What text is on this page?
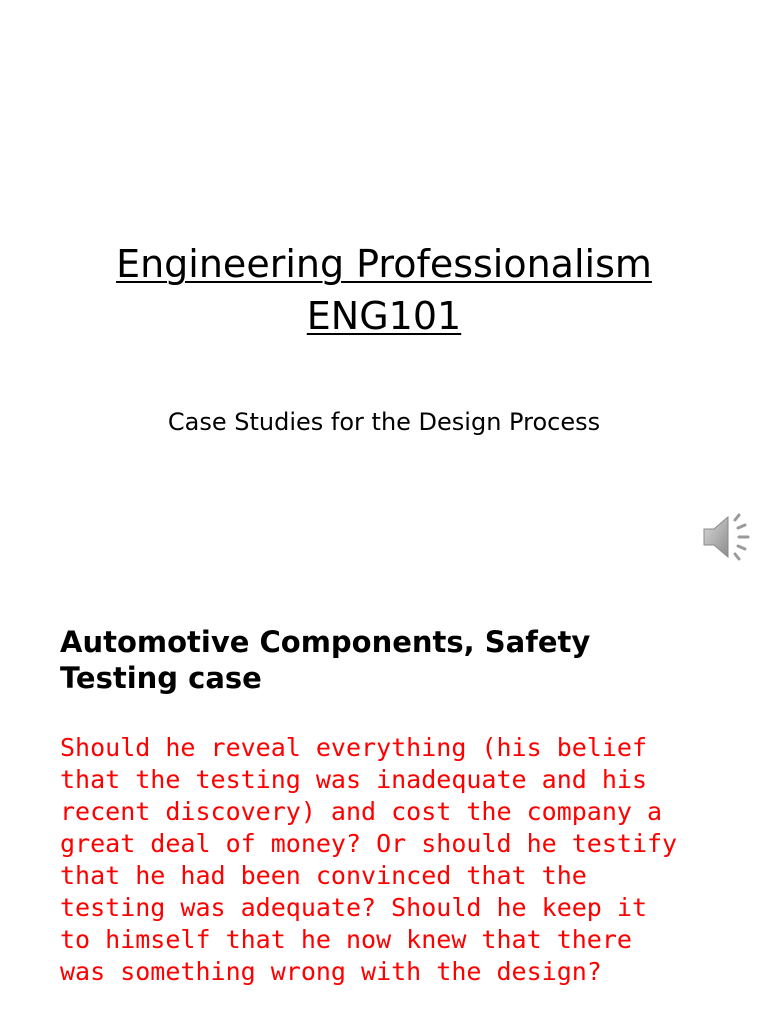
Engineering Professionalism
ENG101
Case Studies for the Design Process
Automotive Components, Safety
Testing case
Should he reveal everything (his belief
that the testing was inadequate and his
recent discovery) and cost the company a
great deal of money? Or should he testify
that he had been convinced that the
testing was adequate? Should he keep it
to himself that he now knew that there
was something wrong with the design?
